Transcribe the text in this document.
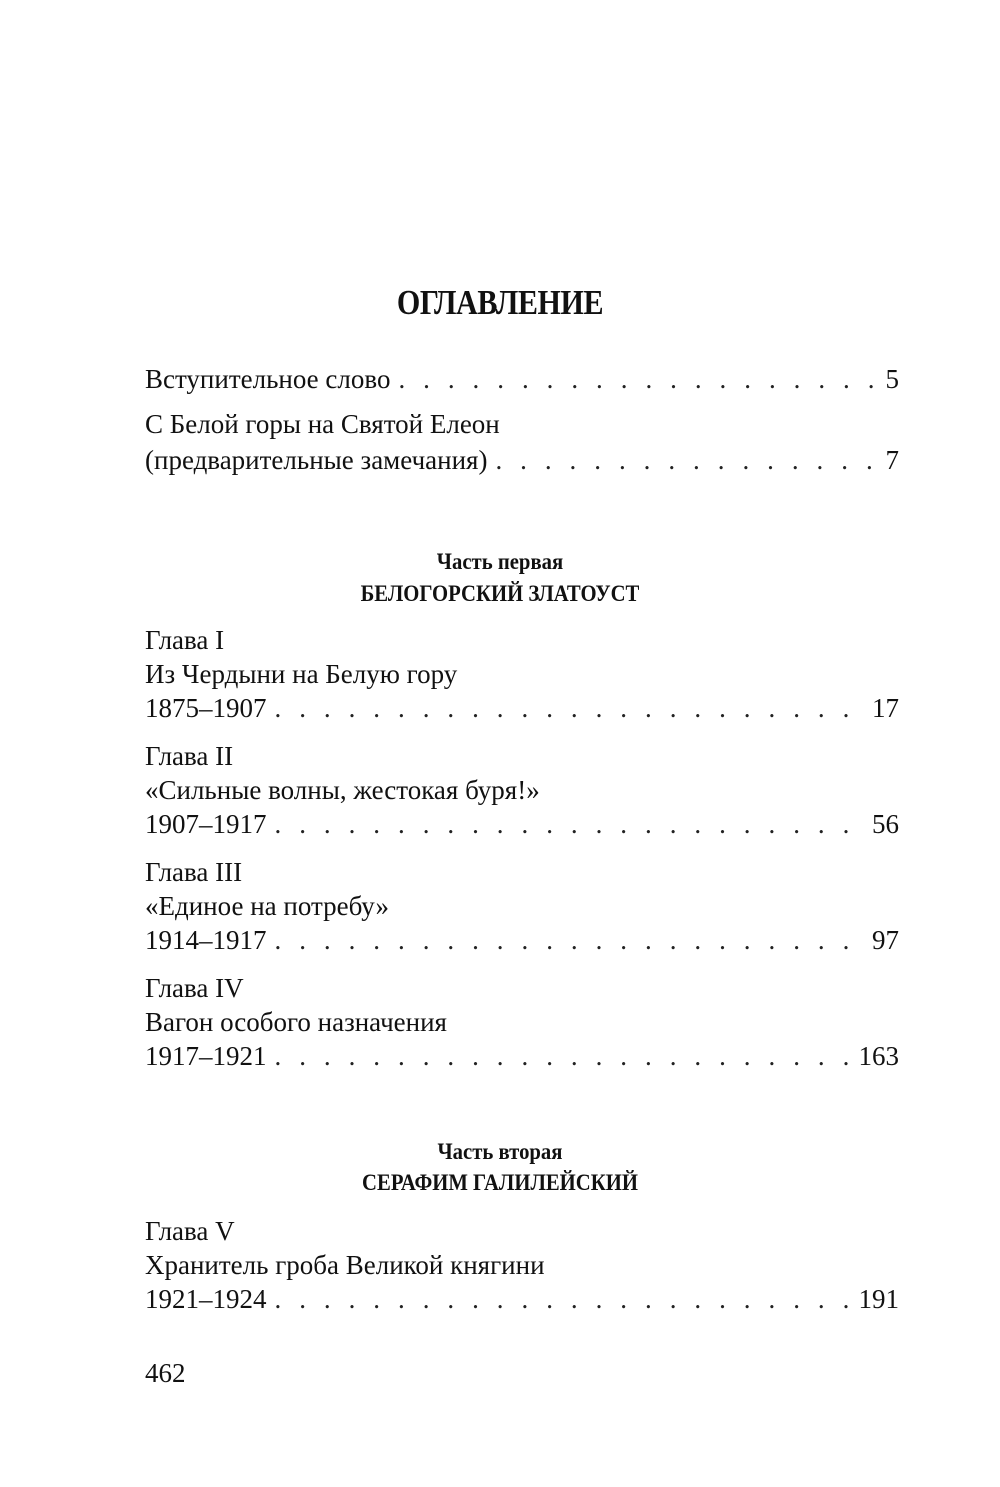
ОГЛАВЛЕНИЕ
Вступительное слово . . .	5
С Белой горы на Святой Елеон
(предварительные замечания) . . .	7
Часть первая
БЕЛОГОРСКИЙ ЗЛАТОУСТ
Глава I
Из Чердыни на Белую гору
1875–1907 . . .	17
Глава II
«Сильные волны, жестокая буря!»
1907–1917 . . .	56
Глава III
«Единое на потребу»
1914–1917 . . .	97
Глава IV
Вагон особого назначения
1917–1921 . . .	163
Часть вторая
СЕРАФИМ ГАЛИЛЕЙСКИЙ
Глава V
Хранитель гроба Великой княгини
1921–1924 . . .	191
462
